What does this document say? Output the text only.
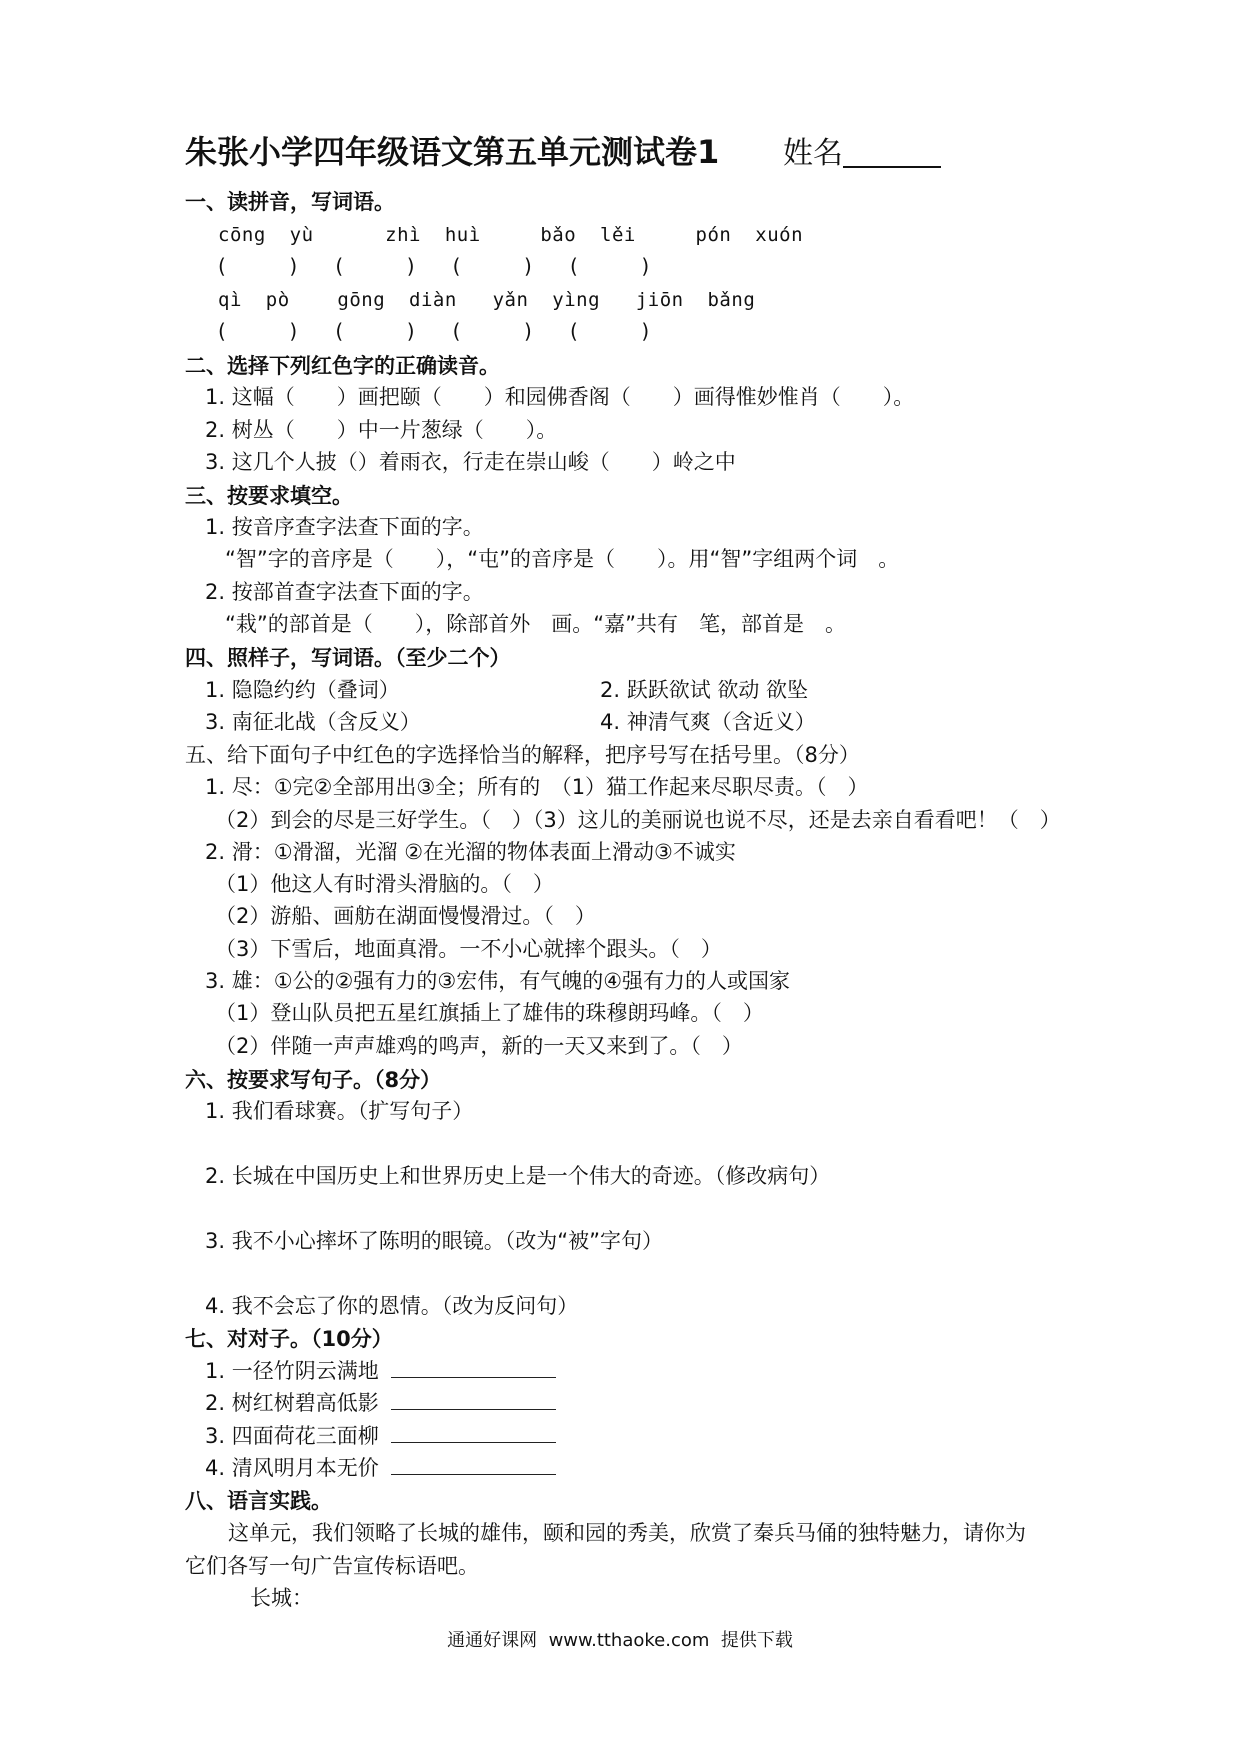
朱张小学四年级语文第五单元测试卷1 姓名
一、读拼音，写词语。
cōng  yù      zhì  huì     bǎo  lěi     pón  xuón
(          )      (          )      (          )      (          )
qì  pò    gōng  diàn   yǎn  yìng   jiōn  bǎng
(          )      (          )      (          )      (          )
二、选择下列红色字的正确读音。
1. 这幅（　　）画把颐（　　）和园佛香阁（　　）画得惟妙惟肖（　　）。
2. 树丛（　　）中一片葱绿（　　）。
3. 这几个人披（）着雨衣，行走在崇山峻（　　）岭之中
三、按要求填空。
1. 按音序查字法查下面的字。
“智”字的音序是（　　），“屯”的音序是（　　）。用“智”字组两个词　。
2. 按部首查字法查下面的字。
“栽”的部首是（　　），除部首外　画。“嘉”共有　笔，部首是　。
四、照样子，写词语。（至少二个）
1. 隐隐约约（叠词）	2. 跃跃欲试 欲动 欲坠
3. 南征北战（含反义）	4. 神清气爽（含近义）
五、给下面句子中红色的字选择恰当的解释，把序号写在括号里。（8分）
1. 尽：①完②全部用出③全；所有的　（1）猫工作起来尽职尽责。（　）
（2）到会的尽是三好学生。（　）（3）这儿的美丽说也说不尽，还是去亲自看看吧！（　）
2. 滑：①滑溜，光溜 ②在光溜的物体表面上滑动③不诚实
（1）他这人有时滑头滑脑的。（　）
（2）游船、画舫在湖面慢慢滑过。（　）
（3）下雪后，地面真滑。一不小心就摔个跟头。（　）
3. 雄：①公的②强有力的③宏伟，有气魄的④强有力的人或国家
（1）登山队员把五星红旗插上了雄伟的珠穆朗玛峰。（　）
（2）伴随一声声雄鸡的鸣声，新的一天又来到了。（　）
六、按要求写句子。（8分）
1. 我们看球赛。（扩写句子）
2. 长城在中国历史上和世界历史上是一个伟大的奇迹。（修改病句）
3. 我不小心摔坏了陈明的眼镜。（改为“被”字句）
4. 我不会忘了你的恩情。（改为反问句）
七、对对子。（10分）
1. 一径竹阴云满地
2. 树红树碧高低影
3. 四面荷花三面柳
4. 清风明月本无价
八、语言实践。
这单元，我们领略了长城的雄伟，颐和园的秀美，欣赏了秦兵马俑的独特魅力，请你为
它们各写一句广告宣传标语吧。
长城：
通通好课网  www.tthaoke.com  提供下载
